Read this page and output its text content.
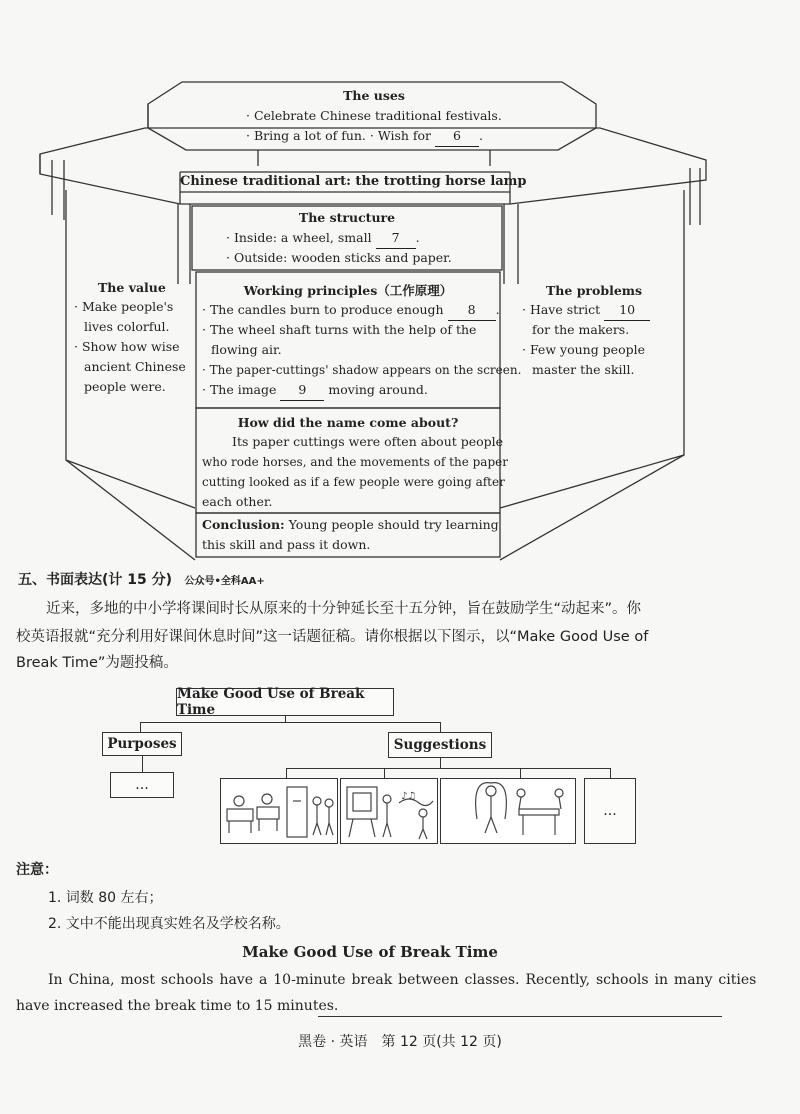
The uses
· Celebrate Chinese traditional festivals.
· Bring a lot of fun. · Wish for 6 .
Chinese traditional art: the trotting horse lamp
The structure
· Inside: a wheel, small 7 .
· Outside: wooden sticks and paper.
Working principles（工作原理）
· The candles burn to produce enough 8 .
· The wheel shaft turns with the help of the
flowing air.
· The paper-cuttings' shadow appears on the screen.
· The image 9 moving around.
How did the name come about?
Its paper cuttings were often about people
who rode horses, and the movements of the paper
cutting looked as if a few people were going after
each other.
Conclusion: Young people should try learning
this skill and pass it down.
The value
· Make people's
lives colorful.
· Show how wise
ancient Chinese
people were.
The problems
· Have strict 10
for the makers.
· Few young people
master the skill.
五、书面表达(计 15 分) 公众号•全科AA+
近来，多地的中小学将课间时长从原来的十分钟延长至十五分钟，旨在鼓励学生“动起来”。你
校英语报就“充分利用好课间休息时间”这一话题征稿。请你根据以下图示，以“Make Good Use of
Break Time”为题投稿。
Make Good Use of Break Time
Purposes	Suggestions
…
♪♫
…
注意：
1. 词数 80 左右；
2. 文中不能出现真实姓名及学校名称。
Make Good Use of Break Time
In China, most schools have a 10-minute break between classes. Recently, schools in many cities
have increased the break time to 15 minutes.
黑卷 · 英语　第 12 页(共 12 页)
